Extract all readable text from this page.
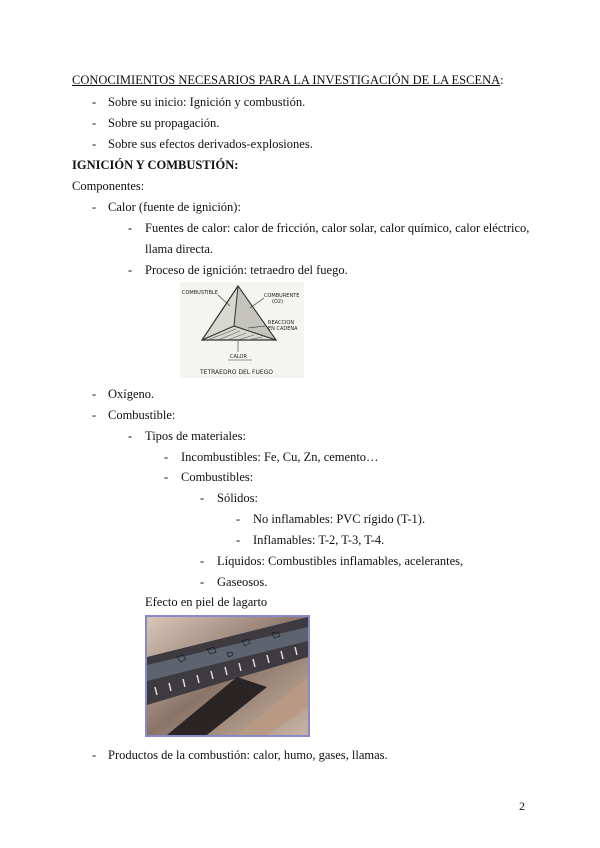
CONOCIMIENTOS NECESARIOS PARA LA INVESTIGACIÓN DE LA ESCENA:
- Sobre su inicio: Ignición y combustión.
- Sobre su propagación.
- Sobre sus efectos derivados-explosiones.
IGNICIÓN Y COMBUSTIÓN:
Componentes:
- Calor (fuente de ignición):
- Fuentes de calor: calor de fricción, calor solar, calor químico, calor eléctrico,
llama directa.
- Proceso de ignición: tetraedro del fuego.
COMBUSTIBLE	COMBURENTE
(O2)
REACCION
EN CADENA
CALOR
TETRAEDRO DEL FUEGO
- Oxígeno.
- Combustible:
- Tipos de materiales:
- Incombustibles: Fe, Cu, Zn, cemento…
- Combustibles:
- Sólidos:
- No inflamables: PVC rígido (T-1).
- Inflamables: T-2, T-3, T-4.
- Líquidos: Combustibles inflamables, acelerantes,
- Gaseosos.
Efecto en piel de lagarto
- Productos de la combustión: calor, humo, gases, llamas.
2
